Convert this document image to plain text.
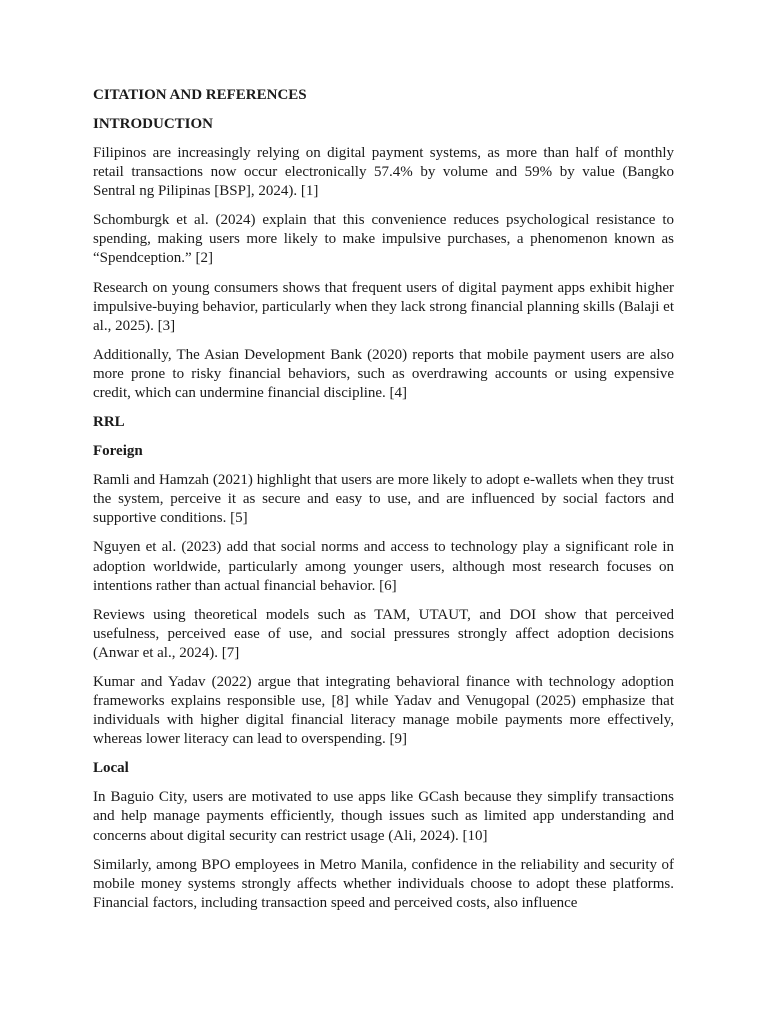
CITATION AND REFERENCES
INTRODUCTION

Filipinos are increasingly relying on digital payment systems, as more than half of monthly retail transactions now occur electronically 57.4% by volume and 59% by value (Bangko Sentral ng Pilipinas [BSP], 2024). [1]

Schomburgk et al. (2024) explain that this convenience reduces psychological resistance to spending, making users more likely to make impulsive purchases, a phenomenon known as “Spendception.” [2]

Research on young consumers shows that frequent users of digital payment apps exhibit higher impulsive-buying behavior, particularly when they lack strong financial planning skills (Balaji et al., 2025). [3]

Additionally, The Asian Development Bank (2020) reports that mobile payment users are also more prone to risky financial behaviors, such as overdrawing accounts or using expensive credit, which can undermine financial discipline. [4]

RRL
Foreign

Ramli and Hamzah (2021) highlight that users are more likely to adopt e-wallets when they trust the system, perceive it as secure and easy to use, and are influenced by social factors and supportive conditions. [5]

Nguyen et al. (2023) add that social norms and access to technology play a significant role in adoption worldwide, particularly among younger users, although most research focuses on intentions rather than actual financial behavior. [6]

Reviews using theoretical models such as TAM, UTAUT, and DOI show that perceived usefulness, perceived ease of use, and social pressures strongly affect adoption decisions (Anwar et al., 2024). [7]

Kumar and Yadav (2022) argue that integrating behavioral finance with technology adoption frameworks explains responsible use, [8] while Yadav and Venugopal (2025) emphasize that individuals with higher digital financial literacy manage mobile payments more effectively, whereas lower literacy can lead to overspending. [9]

Local

In Baguio City, users are motivated to use apps like GCash because they simplify transactions and help manage payments efficiently, though issues such as limited app understanding and concerns about digital security can restrict usage (Ali, 2024). [10]

Similarly, among BPO employees in Metro Manila, confidence in the reliability and security of mobile money systems strongly affects whether individuals choose to adopt these platforms. Financial factors, including transaction speed and perceived costs, also influence
